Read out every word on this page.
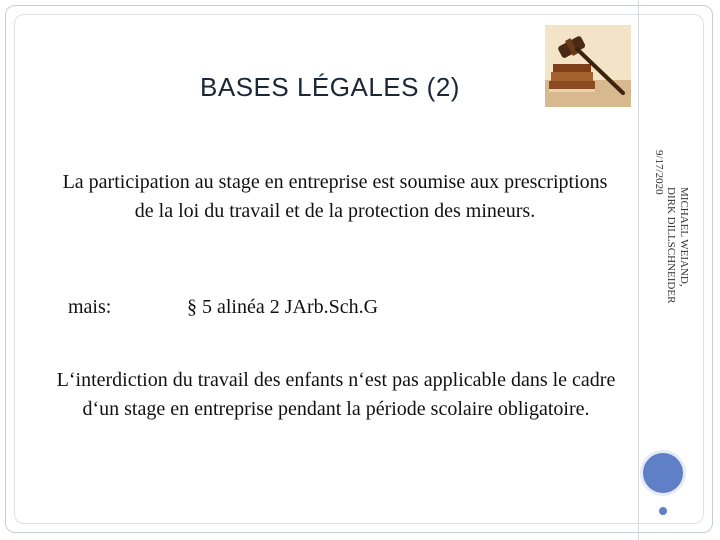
BASES LÉGALES (2)
9/17/2020
MICHAEL WEIAND,
DIRK DILLSCHNEIDER
La participation au stage en entreprise est soumise aux prescriptions de la loi du travail et de la protection des mineurs.
mais:	§ 5 alinéa 2 JArb.Sch.G
L‘interdiction du travail des enfants n‘est pas applicable dans le cadre d‘un stage en entreprise pendant la période scolaire obligatoire.
